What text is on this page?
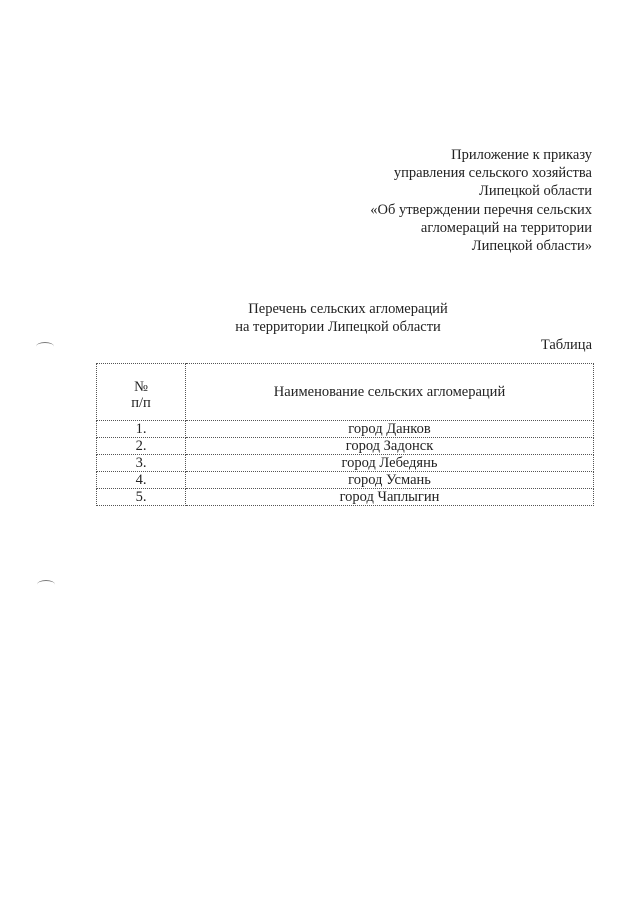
Приложение к приказу
управления сельского хозяйства
Липецкой области
«Об утверждении перечня сельских
агломераций на территории
Липецкой области»
Перечень сельских агломераций
на территории Липецкой области
Таблица
№
п/п	Наименование сельских агломераций
1.	город Данков
2.	город Задонск
3.	город Лебедянь
4.	город Усмань
5.	город Чаплыгин
